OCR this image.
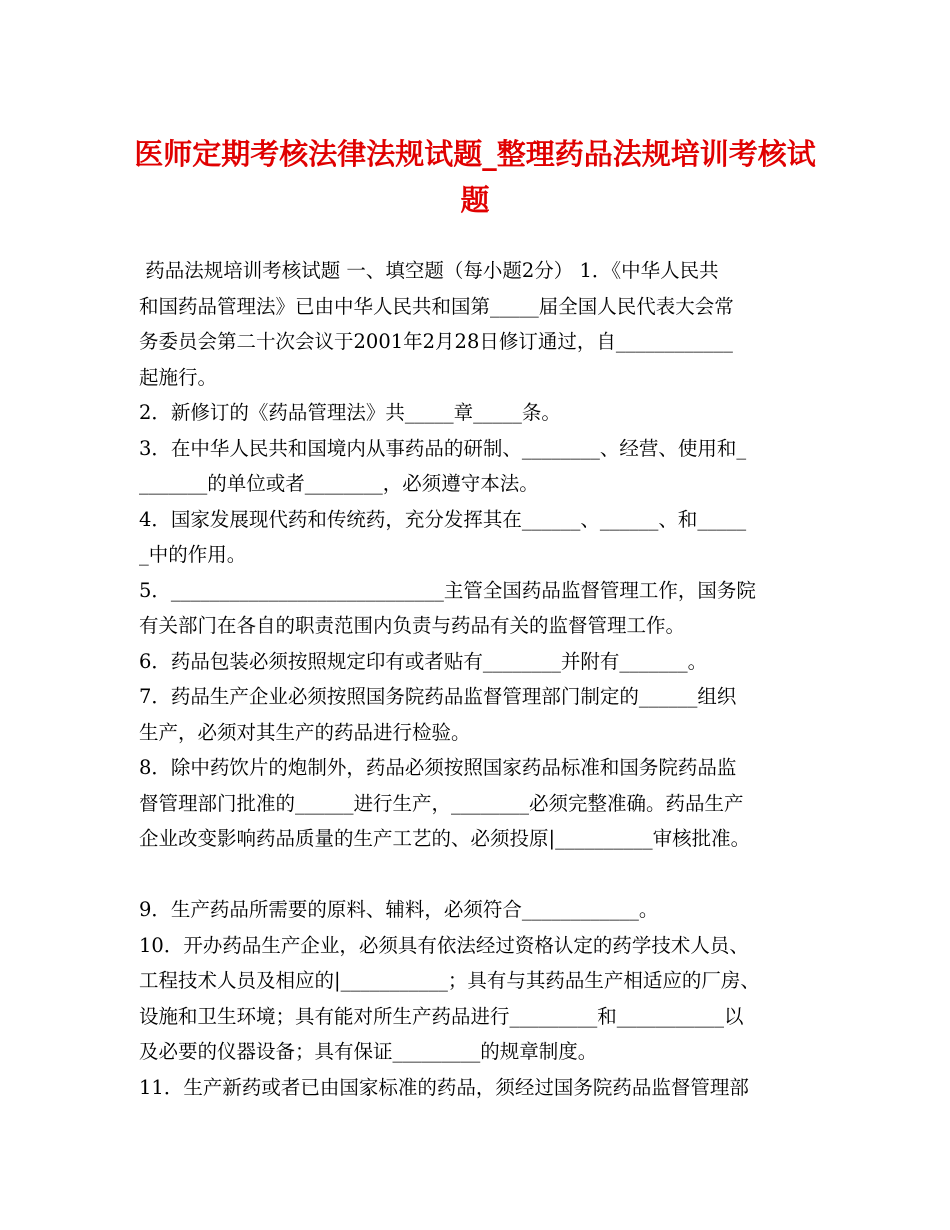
医师定期考核法律法规试题_整理药品法规培训考核试
题
药品法规培训考核试题 一、填空题（每小题2分） 1．《中华人民共
和国药品管理法》已由中华人民共和国第_____届全国人民代表大会常
务委员会第二十次会议于2001年2月28日修订通过，自____________
起施行。
2．新修订的《药品管理法》共_____章_____条。
3．在中华人民共和国境内从事药品的研制、________、经营、使用和_
_______的单位或者________，必须遵守本法。
4．国家发展现代药和传统药，充分发挥其在______、______、和_____
_中的作用。
5．____________________________主管全国药品监督管理工作，国务院
有关部门在各自的职责范围内负责与药品有关的监督管理工作。
6．药品包装必须按照规定印有或者贴有________并附有_______。
7．药品生产企业必须按照国务院药品监督管理部门制定的______组织
生产，必须对其生产的药品进行检验。
8．除中药饮片的炮制外，药品必须按照国家药品标准和国务院药品监
督管理部门批准的______进行生产，________必须完整准确。药品生产
企业改变影响药品质量的生产工艺的、必须投原|__________审核批准。
9．生产药品所需要的原料、辅料，必须符合____________。
10．开办药品生产企业，必须具有依法经过资格认定的药学技术人员、
工程技术人员及相应的|___________；具有与其药品生产相适应的厂房、
设施和卫生环境；具有能对所生产药品进行_________和___________以
及必要的仪器设备；具有保证_________的规章制度。
11．生产新药或者已由国家标准的药品，须经过国务院药品监督管理部
